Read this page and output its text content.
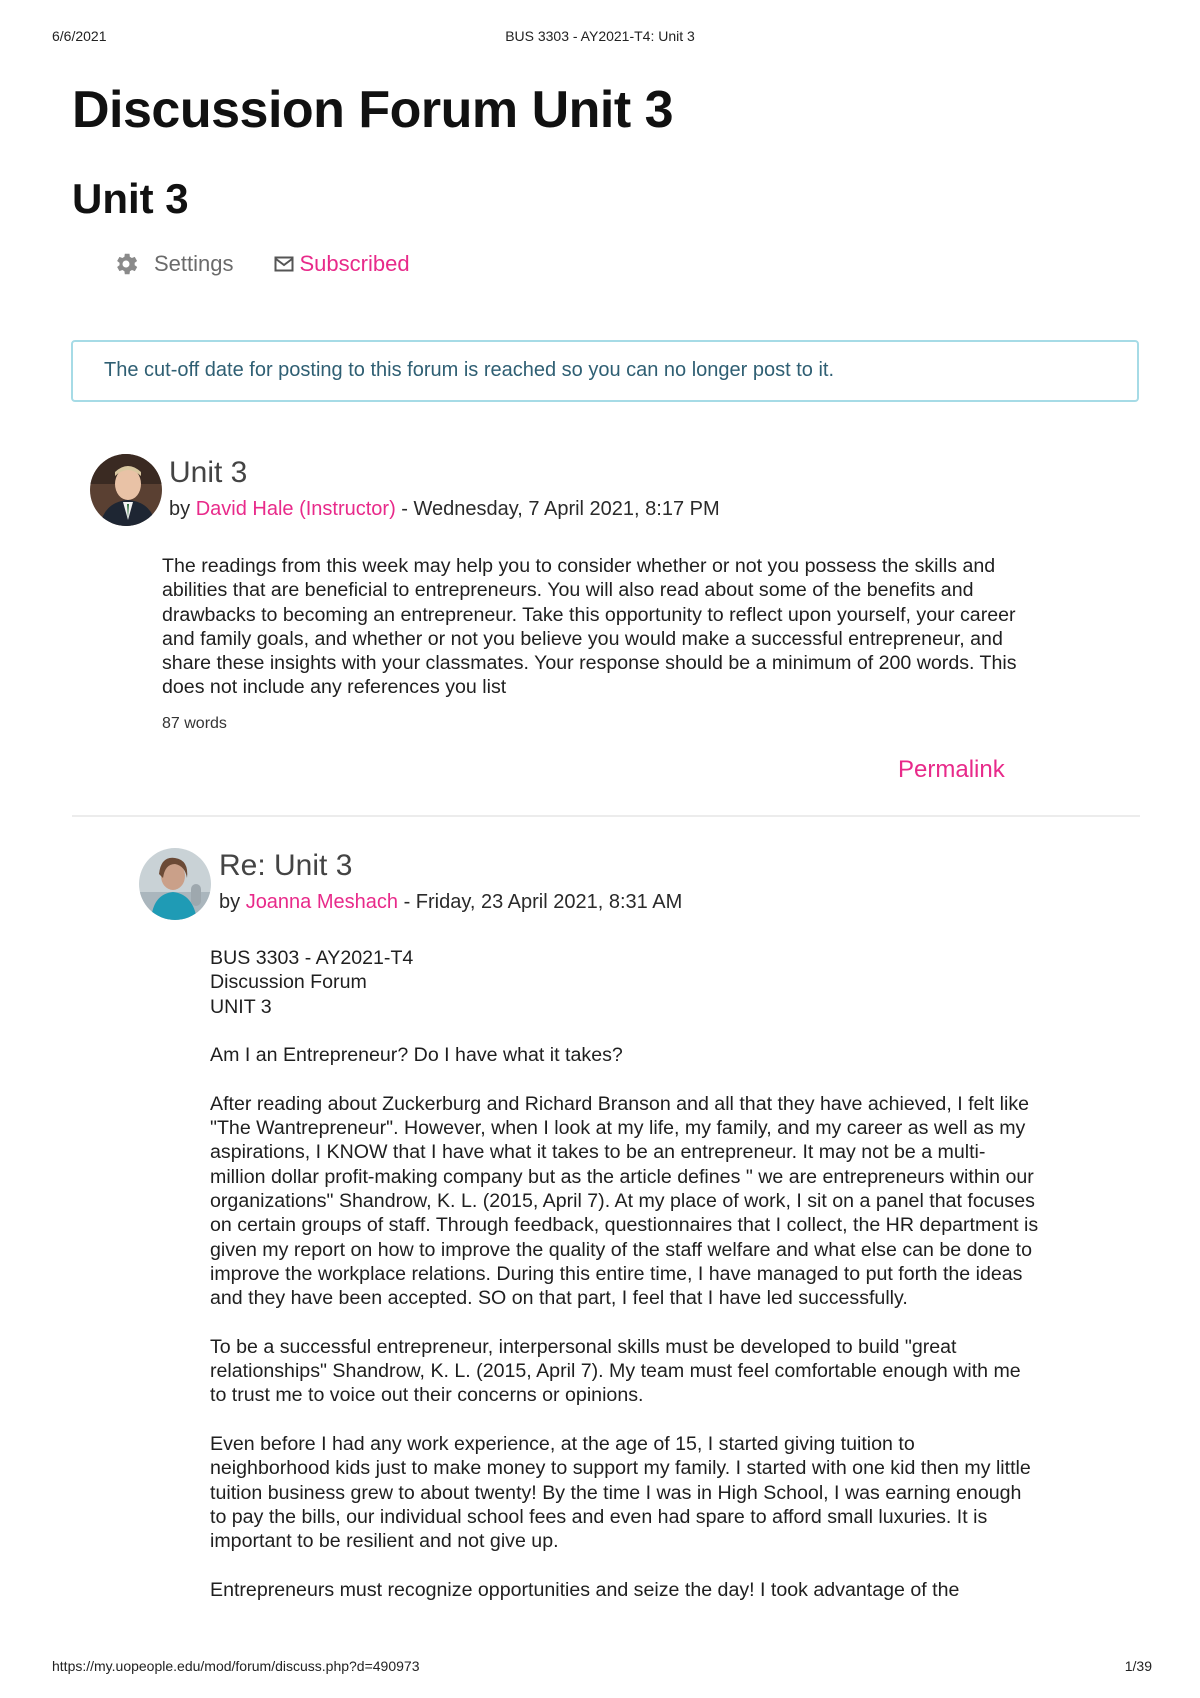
6/6/2021	BUS 3303 - AY2021-T4: Unit 3
Discussion Forum Unit 3
Unit 3
Settings	Subscribed
The cut-off date for posting to this forum is reached so you can no longer post to it.
Unit 3
by David Hale (Instructor) - Wednesday, 7 April 2021, 8:17 PM
The readings from this week may help you to consider whether or not you possess the skills and abilities that are beneficial to entrepreneurs. You will also read about some of the benefits and drawbacks to becoming an entrepreneur. Take this opportunity to reflect upon yourself, your career and family goals, and whether or not you believe you would make a successful entrepreneur, and share these insights with your classmates. Your response should be a minimum of 200 words. This does not include any references you list
87 words
Permalink
Re: Unit 3
by Joanna Meshach - Friday, 23 April 2021, 8:31 AM

BUS 3303 - AY2021-T4
Discussion Forum
UNIT 3

Am I an Entrepreneur? Do I have what it takes?

After reading about Zuckerburg and Richard Branson and all that they have achieved, I felt like "The Wantrepreneur". However, when I look at my life, my family, and my career as well as my aspirations, I KNOW that I have what it takes to be an entrepreneur. It may not be a multi-million dollar profit-making company but as the article defines " we are entrepreneurs within our organizations" Shandrow, K. L. (2015, April 7). At my place of work, I sit on a panel that focuses on certain groups of staff. Through feedback, questionnaires that I collect, the HR department is given my report on how to improve the quality of the staff welfare and what else can be done to improve the workplace relations. During this entire time, I have managed to put forth the ideas and they have been accepted. SO on that part, I feel that I have led successfully.

To be a successful entrepreneur, interpersonal skills must be developed to build "great relationships" Shandrow, K. L. (2015, April 7). My team must feel comfortable enough with me to trust me to voice out their concerns or opinions.

Even before I had any work experience, at the age of 15, I started giving tuition to neighborhood kids just to make money to support my family. I started with one kid then my little tuition business grew to about twenty! By the time I was in High School, I was earning enough to pay the bills, our individual school fees and even had spare to afford small luxuries. It is important to be resilient and not give up.

Entrepreneurs must recognize opportunities and seize the day! I took advantage of the

https://my.uopeople.edu/mod/forum/discuss.php?d=490973	1/39
